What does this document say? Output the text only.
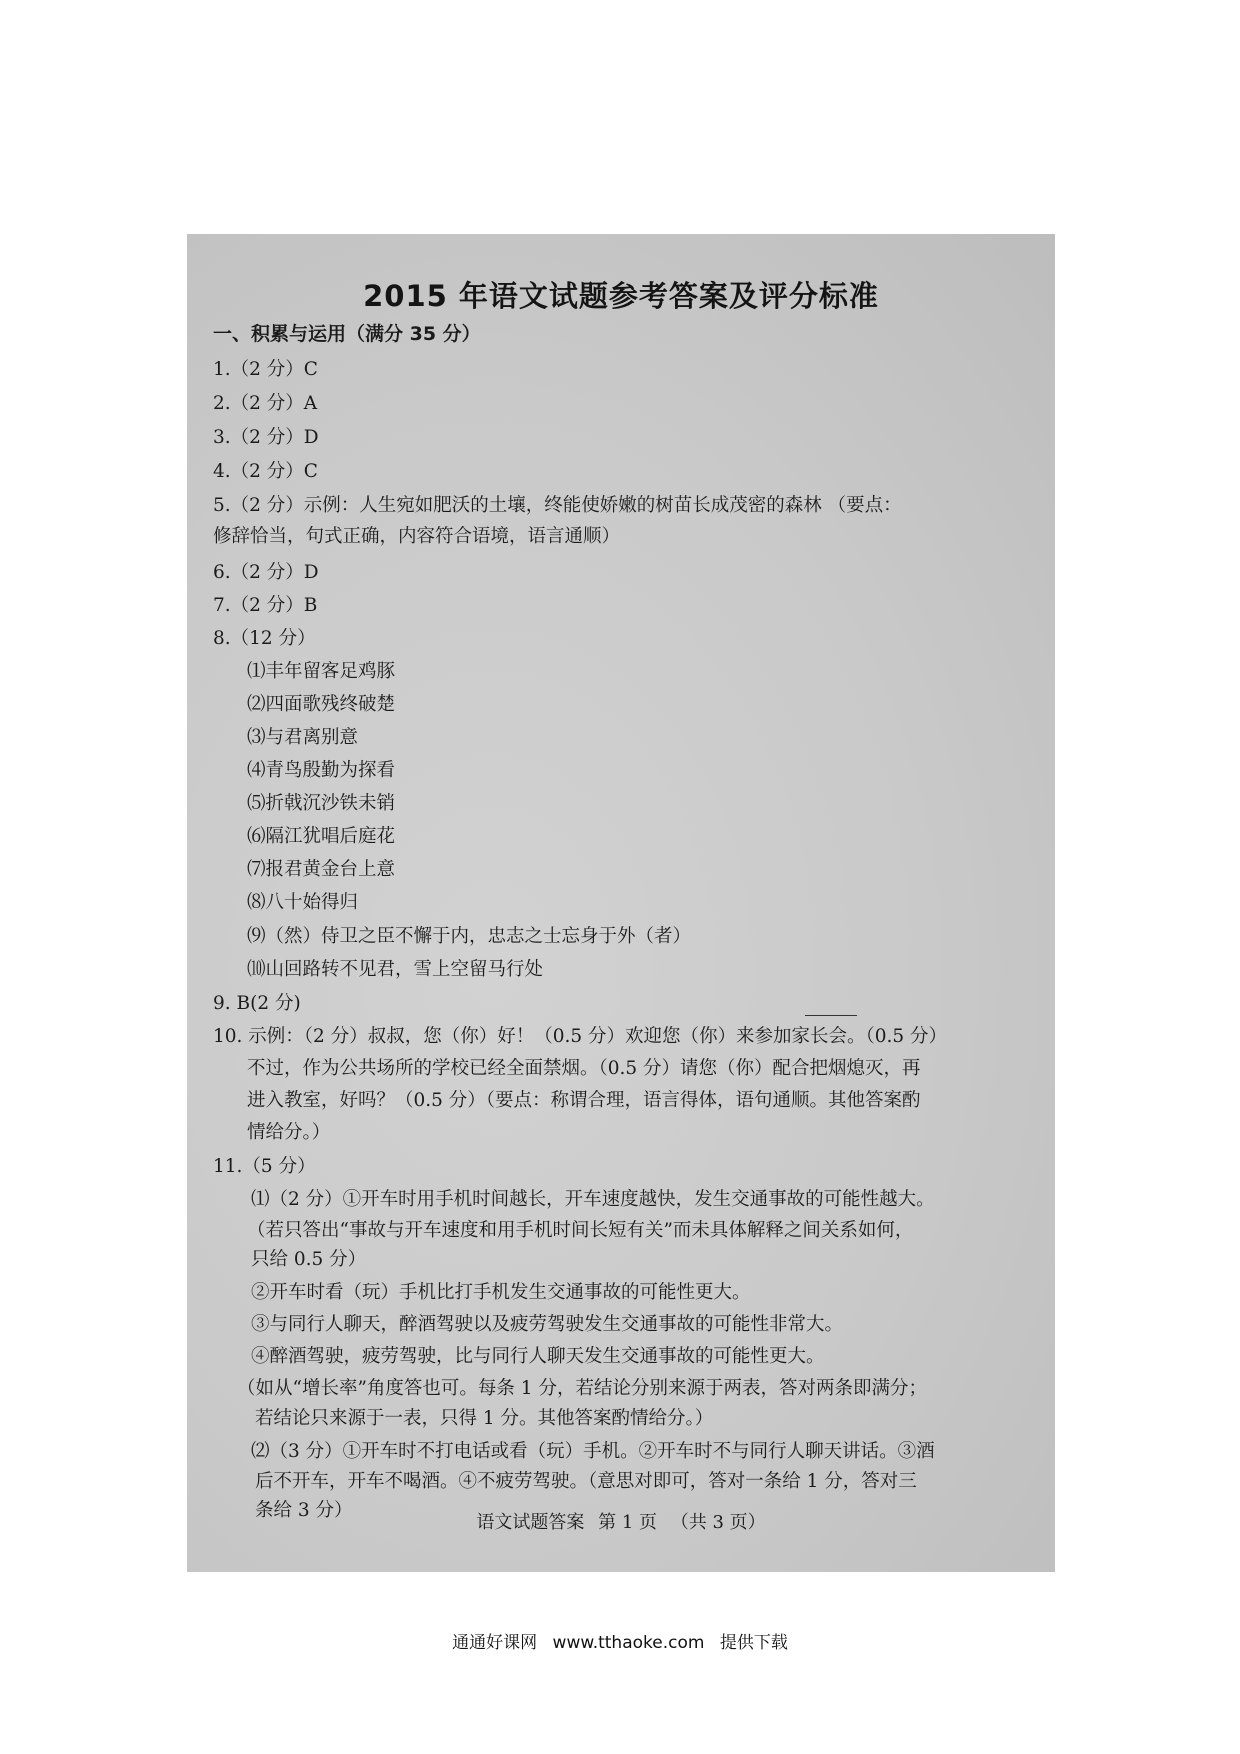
2015 年语文试题参考答案及评分标准
一、积累与运用（满分 35 分）
1.（2 分）C
2.（2 分）A
3.（2 分）D
4.（2 分）C
5.（2 分）示例：人生宛如肥沃的土壤，终能使娇嫩的树苗长成茂密的森林 （要点：
修辞恰当，句式正确，内容符合语境，语言通顺）
6.（2 分）D
7.（2 分）B
8.（12 分）
⑴丰年留客足鸡豚
⑵四面歌残终破楚
⑶与君离别意
⑷青鸟殷勤为探看
⑸折戟沉沙铁未销
⑹隔江犹唱后庭花
⑺报君黄金台上意
⑻八十始得归
⑼（然）侍卫之臣不懈于内，忠志之士忘身于外（者）
⑽山回路转不见君，雪上空留马行处
9. B(2 分)
10. 示例：（2 分）叔叔，您（你）好！（0.5 分）欢迎您（你）来参加家长会。（0.5 分）
不过，作为公共场所的学校已经全面禁烟。（0.5 分）请您（你）配合把烟熄灭，再
进入教室，好吗？（0.5 分）（要点：称谓合理，语言得体，语句通顺。其他答案酌
情给分。）
11.（5 分）
⑴（2 分）①开车时用手机时间越长，开车速度越快，发生交通事故的可能性越大。
（若只答出“事故与开车速度和用手机时间长短有关”而未具体解释之间关系如何，
只给 0.5 分）
②开车时看（玩）手机比打手机发生交通事故的可能性更大。
③与同行人聊天，醉酒驾驶以及疲劳驾驶发生交通事故的可能性非常大。
④醉酒驾驶，疲劳驾驶，比与同行人聊天发生交通事故的可能性更大。
（如从“增长率”角度答也可。每条 1 分，若结论分别来源于两表，答对两条即满分；
若结论只来源于一表，只得 1 分。其他答案酌情给分。）
⑵（3 分）①开车时不打电话或看（玩）手机。②开车时不与同行人聊天讲话。③酒
后不开车，开车不喝酒。④不疲劳驾驶。（意思对即可，答对一条给 1 分，答对三
条给 3 分）
语文试题答案 第 1 页 （共 3 页）
通通好课网 www.tthaoke.com 提供下载
